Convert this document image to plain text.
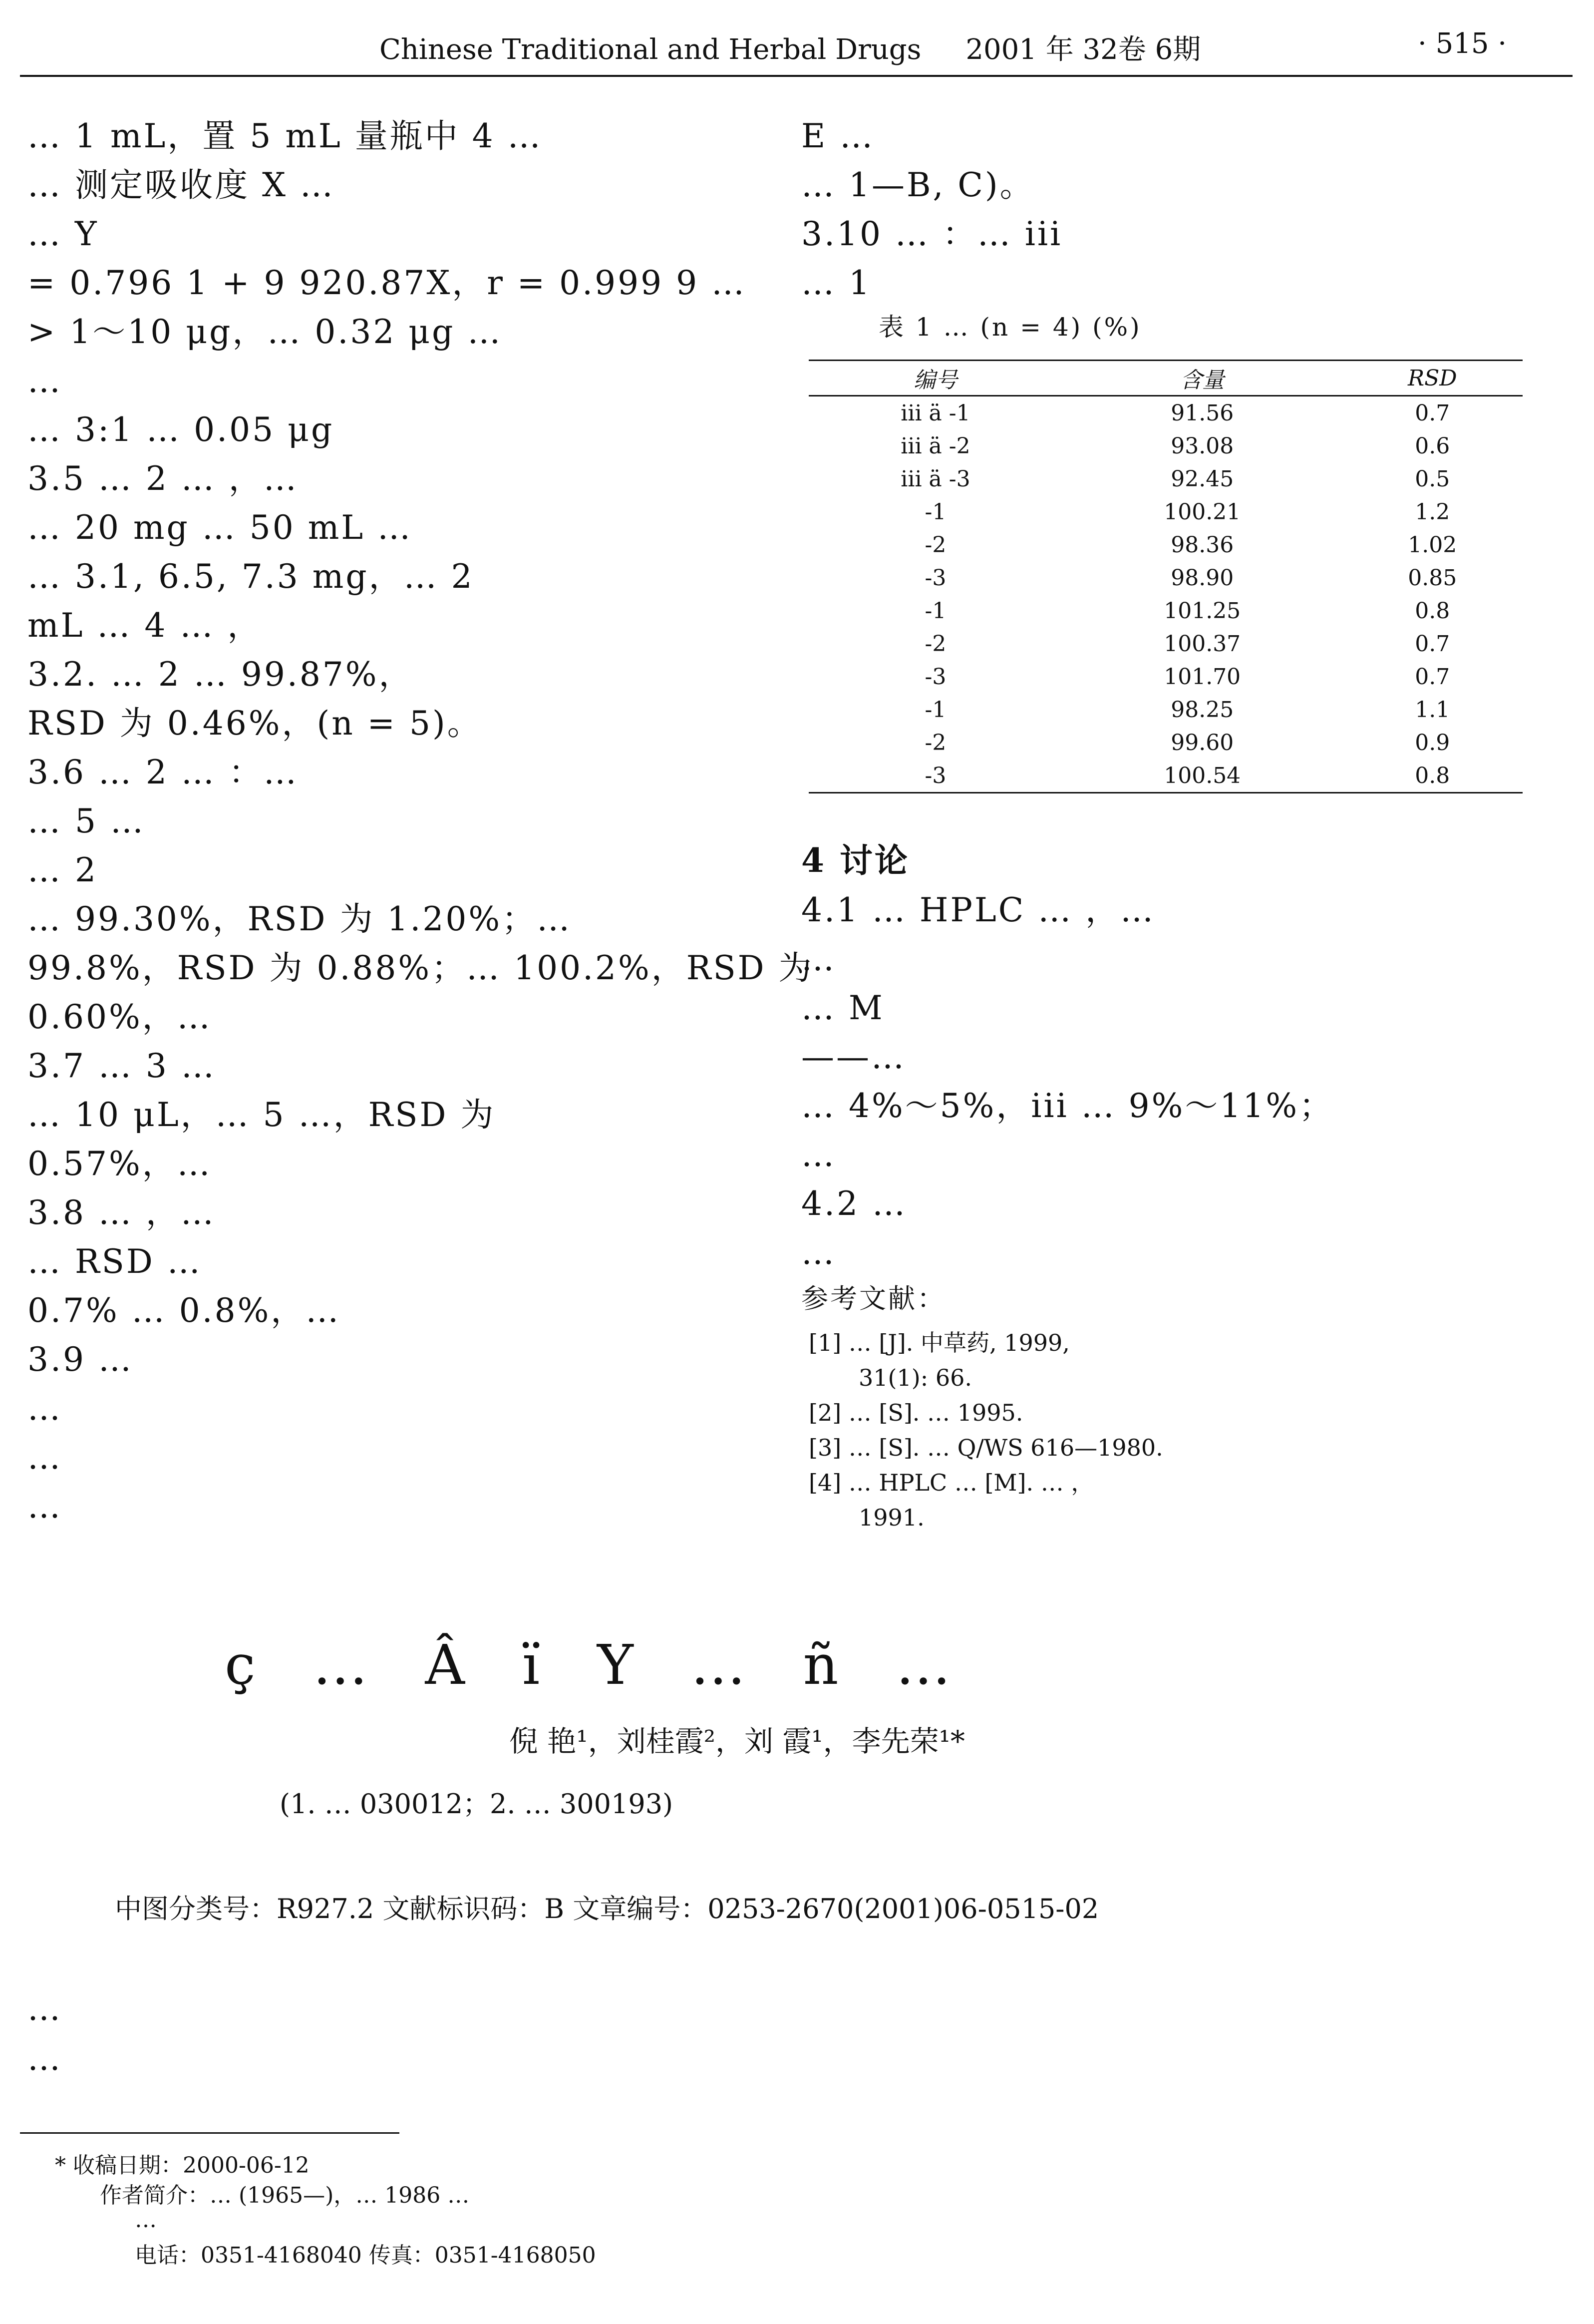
Chinese Traditional and Herbal Drugs 2001 年 32卷 6期	· 515 ·
… 1 mL，置 5 mL 量瓶中 4 …
… 测定吸收度 X …
… Y
= 0.796 1 + 9 920.87X，r = 0.999 9 …
> 1～10 μg，… 0.32 μg …
…
… 3:1 … 0.05 μg
3.5 … 2 … ，…
… 20 mg … 50 mL …
… 3.1, 6.5, 7.3 mg，… 2
mL … 4 … ，
3.2. … 2 … 99.87%，
RSD 为 0.46%，(n = 5)。
3.6 … 2 … ：…
… 5 …
… 2
… 99.30%，RSD 为 1.20%；…
99.8%，RSD 为 0.88%；… 100.2%，RSD 为
0.60%，…
3.7 … 3 …
… 10 μL，… 5 …，RSD 为
0.57%，…
3.8 … ，…
… RSD …
0.7% … 0.8%，…
3.9 …
…
…
…
E …
… 1—B, C)。
3.10 … ：… iii
… 1
表 1 … (n = 4) (%)
编号	含量	RSD
iii ä -1	91.56	0.7
iii ä -2	93.08	0.6
iii ä -3	92.45	0.5
-1	100.21	1.2
-2	98.36	1.02
-3	98.90	0.85
-1	101.25	0.8
-2	100.37	0.7
-3	101.70	0.7
-1	98.25	1.1
-2	99.60	0.9
-3	100.54	0.8
4 讨论
4.1 … HPLC … ，…
…
… M
——…
… 4%～5%，iii … 9%～11%；
…
4.2 …
…
参考文献：
[1] … [J]. 中草药, 1999,
31(1): 66.
[2] … [S]. … 1995.
[3] … [S]. … Q/WS 616—1980.
[4] … HPLC … [M]. … ，
1991.
ç … Â ï Y … ñ …
倪 艳¹，刘桂霞²，刘 霞¹，李先荣¹*
(1. … 030012；2. … 300193)
中图分类号：R927.2 文献标识码：B 文章编号：0253-2670(2001)06-0515-02
…
…
* 收稿日期：2000-06-12
作者简介：… (1965—)，… 1986 …
…
电话：0351-4168040 传真：0351-4168050
